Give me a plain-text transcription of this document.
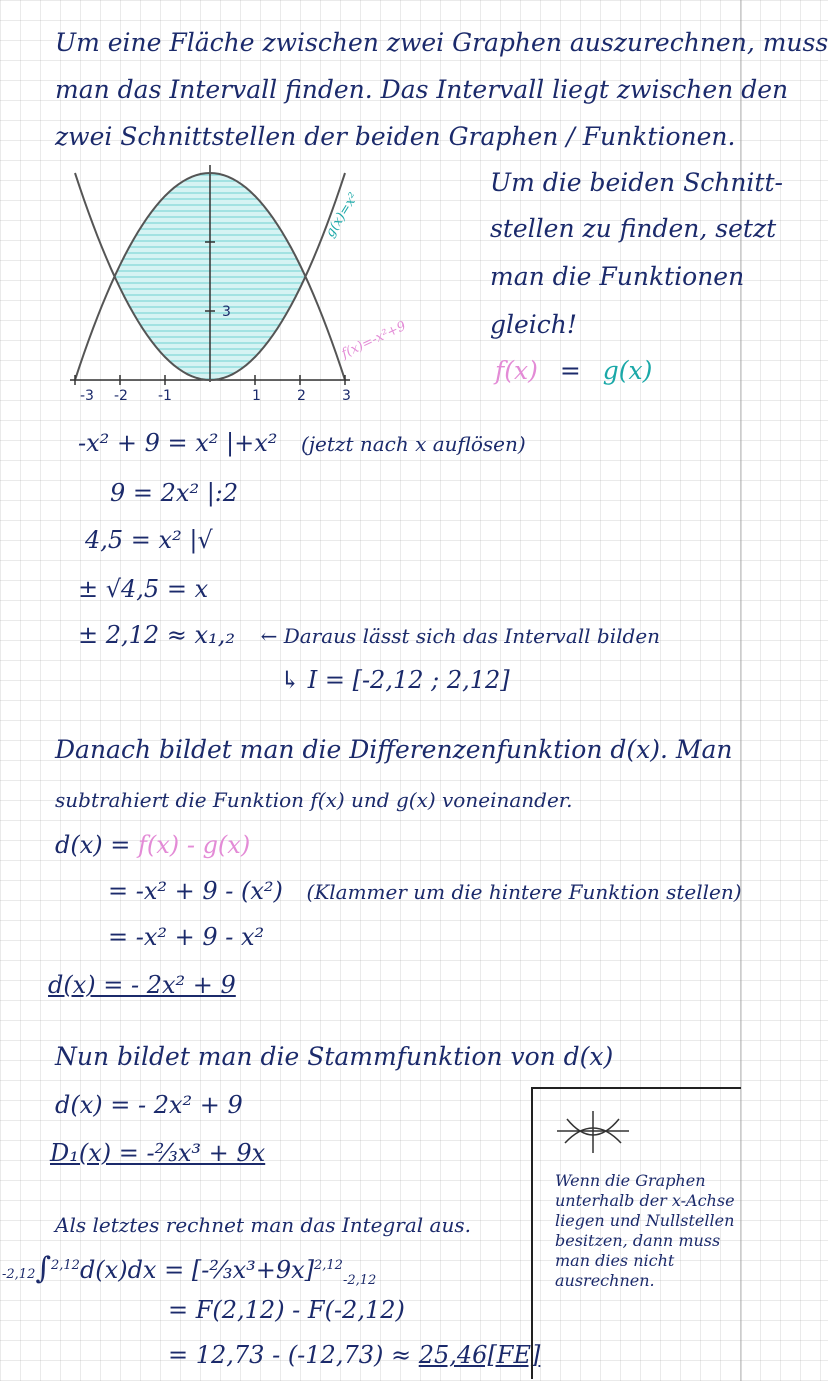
Um eine Fläche zwischen zwei Graphen auszurechnen, muss
man das Intervall finden. Das Intervall liegt zwischen den
zwei Schnittstellen der beiden Graphen / Funktionen.
-3 -2 -1	1	2	3
3
g(x)=x²
f(x)=-x²+9
Um die beiden Schnitt-
stellen zu finden, setzt
man die Funktionen
gleich!
f(x) = g(x)
-x² + 9 = x² |+x² (jetzt nach x auflösen)
9 = 2x² |:2
4,5 = x² |√
± √4,5 = x
± 2,12 ≈ x₁,₂ ← Daraus lässt sich das Intervall bilden
↳ I = [-2,12 ; 2,12]
Danach bildet man die Differenzenfunktion d(x). Man
subtrahiert die Funktion f(x) und g(x) voneinander.
d(x) = f(x) - g(x)
= -x² + 9 - (x²) (Klammer um die hintere Funktion stellen)
= -x² + 9 - x²
d(x) = - 2x² + 9
Nun bildet man die Stammfunktion von d(x)
d(x) = - 2x² + 9
D₁(x) = -⅔x³ + 9x
Als letztes rechnet man das Integral aus.
-2,12∫$^{2,12}$d(x)dx = [-⅔x³+9x]$^{2,12}_{-2,12}$
= F(2,12) - F(-2,12)
= 12,73 - (-12,73) ≈ 25,46[FE]
Wenn die Graphen unterhalb der x-Achse liegen und Nullstellen besitzen, dann muss man dies nicht ausrechnen.
